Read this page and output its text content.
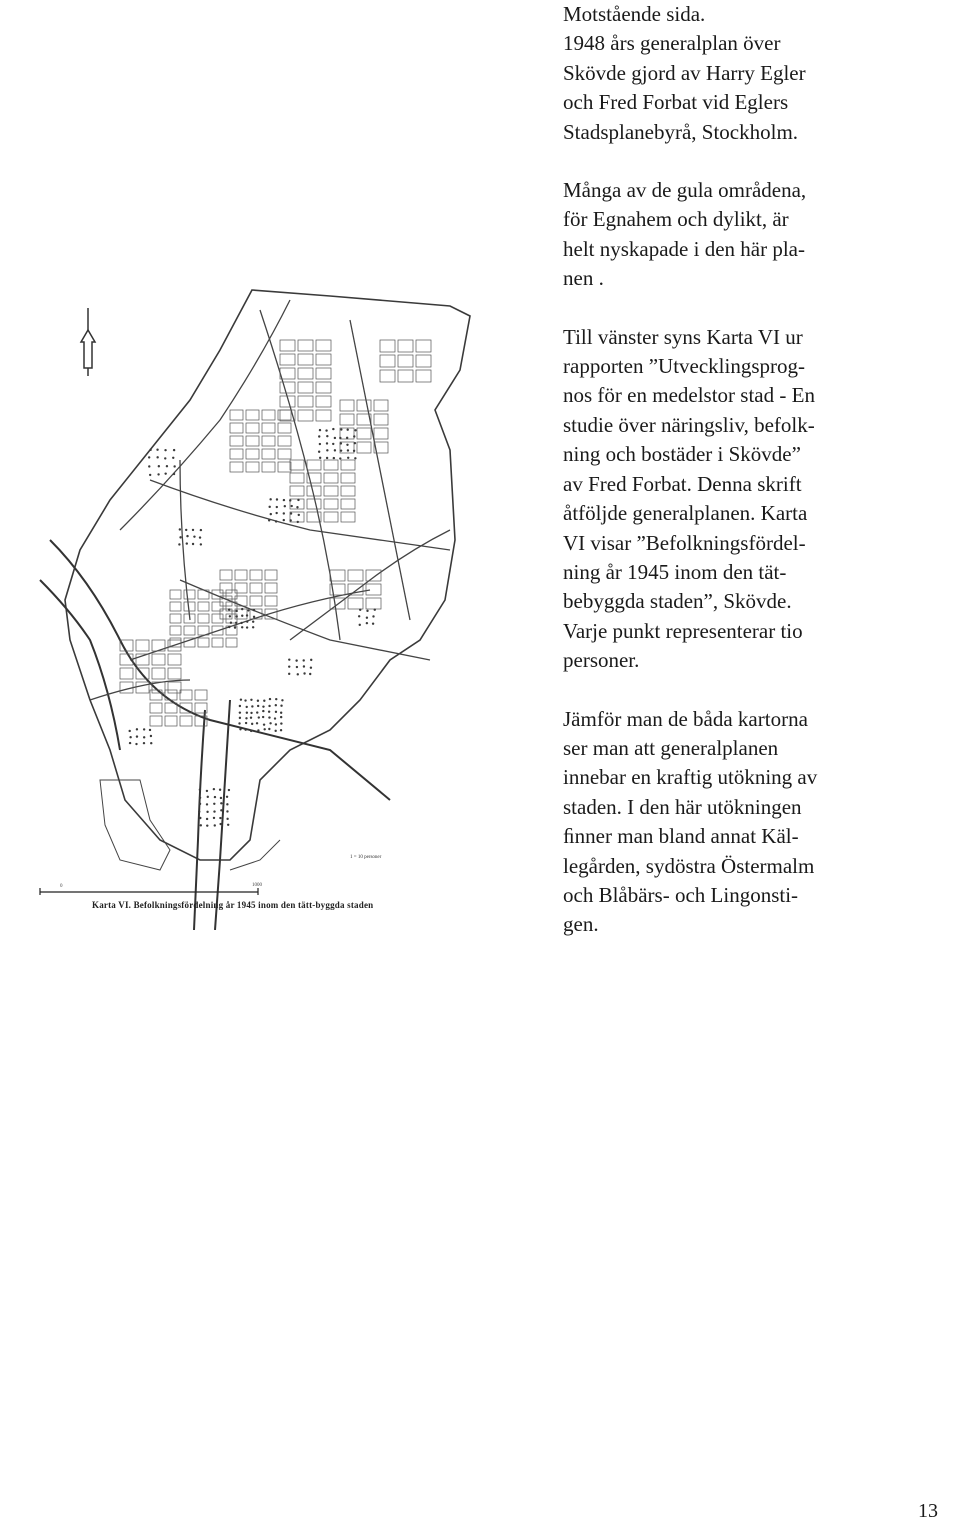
1 = 10 personer
0	1000
Karta VI. Befolkningsfördelning år 1945 inom den tätt-byggda staden
Motstående sida.
1948 års generalplan över
Skövde gjord av Harry Egler
och Fred Forbat vid Eglers
Stadsplanebyrå, Stockholm.
Många av de gula områdena,
för Egnahem och dylikt, är
helt nyskapade i den här pla-
nen .
Till vänster syns Karta VI ur
rapporten ”Utvecklingsprog-
nos för en medelstor stad - En
studie över näringsliv, befolk-
ning och bostäder i Skövde”
av Fred Forbat. Denna skrift
åtföljde generalplanen. Karta
VI visar ”Befolkningsfördel-
ning år 1945 inom den tät-
bebyggda staden”, Skövde.
Varje punkt representerar tio
personer.
Jämför man de båda kartorna
ser man att generalplanen
innebar en kraftig utökning av
staden. I den här utökningen
ﬁnner man bland annat Käl-
legården, sydöstra Östermalm
och Blåbärs- och Lingonsti-
gen.
13
